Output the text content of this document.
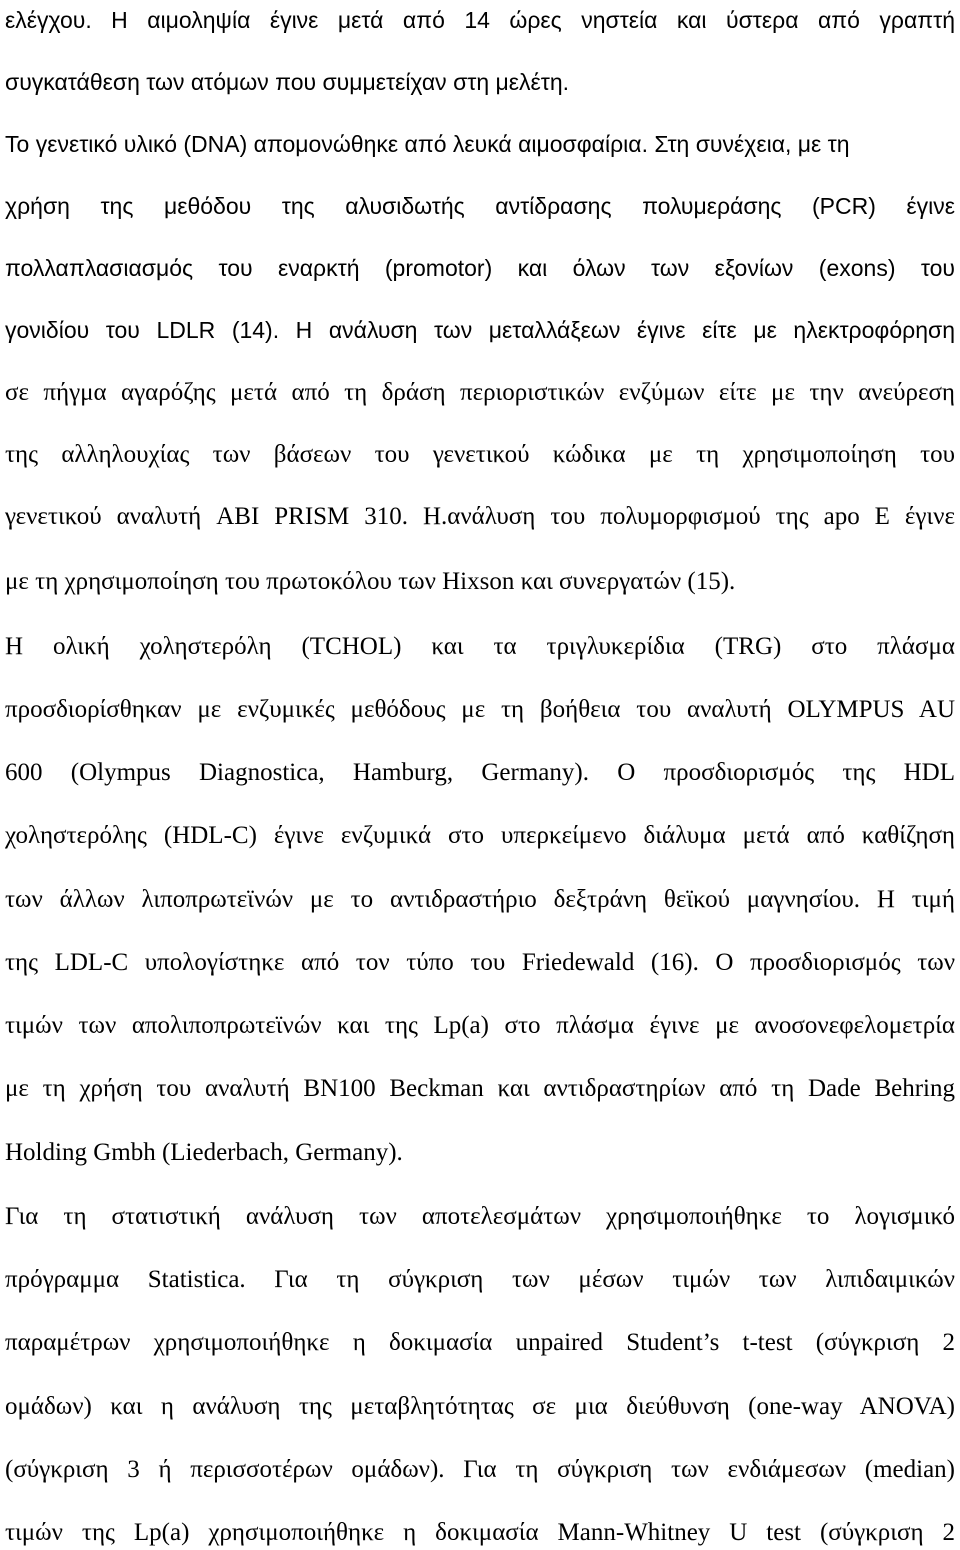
ελέγχου. Η αιμοληψία έγινε μετά από 14 ώρες νηστεία και ύστερα από γραπτή
συγκατάθεση των ατόμων που συμμετείχαν στη μελέτη.
Το γενετικό υλικό (DNA) απομονώθηκε από λευκά αιμοσφαίρια. Στη συνέχεια, με τη
χρήση της μεθόδου της αλυσιδωτής αντίδρασης πολυμεράσης (PCR) έγινε
πολλαπλασιασμός του εναρκτή (promotor) και όλων των εξονίων (exons) του
γονιδίου του LDLR (14). Η ανάλυση των μεταλλάξεων έγινε είτε με ηλεκτροφόρηση
σε πήγμα αγαρόζης μετά από τη δράση περιοριστικών ενζύμων είτε με την ανεύρεση
της αλληλουχίας των βάσεων του γενετικού κώδικα με τη χρησιμοποίηση του
γενετικού αναλυτή ABI PRISM 310. Η.ανάλυση του πολυμορφισμού της apo E έγινε
με τη χρησιμοποίηση του πρωτοκόλου των Hixson και συνεργατών (15).
Η ολική χοληστερόλη (TCHOL) και τα τριγλυκερίδια (TRG) στο πλάσμα
προσδιορίσθηκαν με ενζυμικές μεθόδους με τη βοήθεια του αναλυτή OLYMPUS AU
600 (Olympus Diagnostica, Hamburg, Germany). Ο προσδιορισμός της HDL
χοληστερόλης (HDL-C) έγινε ενζυμικά στο υπερκείμενο διάλυμα μετά από καθίζηση
των άλλων λιποπρωτεϊνών με το αντιδραστήριο δεξτράνη θεϊκού μαγνησίου. Η τιμή
της LDL-C υπολογίστηκε από τον τύπο του Friedewald (16). Ο προσδιορισμός των
τιμών των απολιποπρωτεϊνών και της Lp(a) στο πλάσμα έγινε με ανοσονεφελομετρία
με τη χρήση του αναλυτή BN100 Beckman και αντιδραστηρίων από τη Dade Behring
Holding Gmbh (Liederbach, Germany).
Για τη στατιστική ανάλυση των αποτελεσμάτων χρησιμοποιήθηκε το λογισμικό
πρόγραμμα Statistica. Για τη σύγκριση των μέσων τιμών των λιπιδαιμικών
παραμέτρων χρησιμοποιήθηκε η δοκιμασία unpaired Student’s t-test (σύγκριση 2
ομάδων) και η ανάλυση της μεταβλητότητας σε μια διεύθυνση (one-way ANOVA)
(σύγκριση 3 ή περισσοτέρων ομάδων). Για τη σύγκριση των ενδιάμεσων (median)
τιμών της Lp(a) χρησιμοποιήθηκε η δοκιμασία Mann-Whitney U test (σύγκριση 2
